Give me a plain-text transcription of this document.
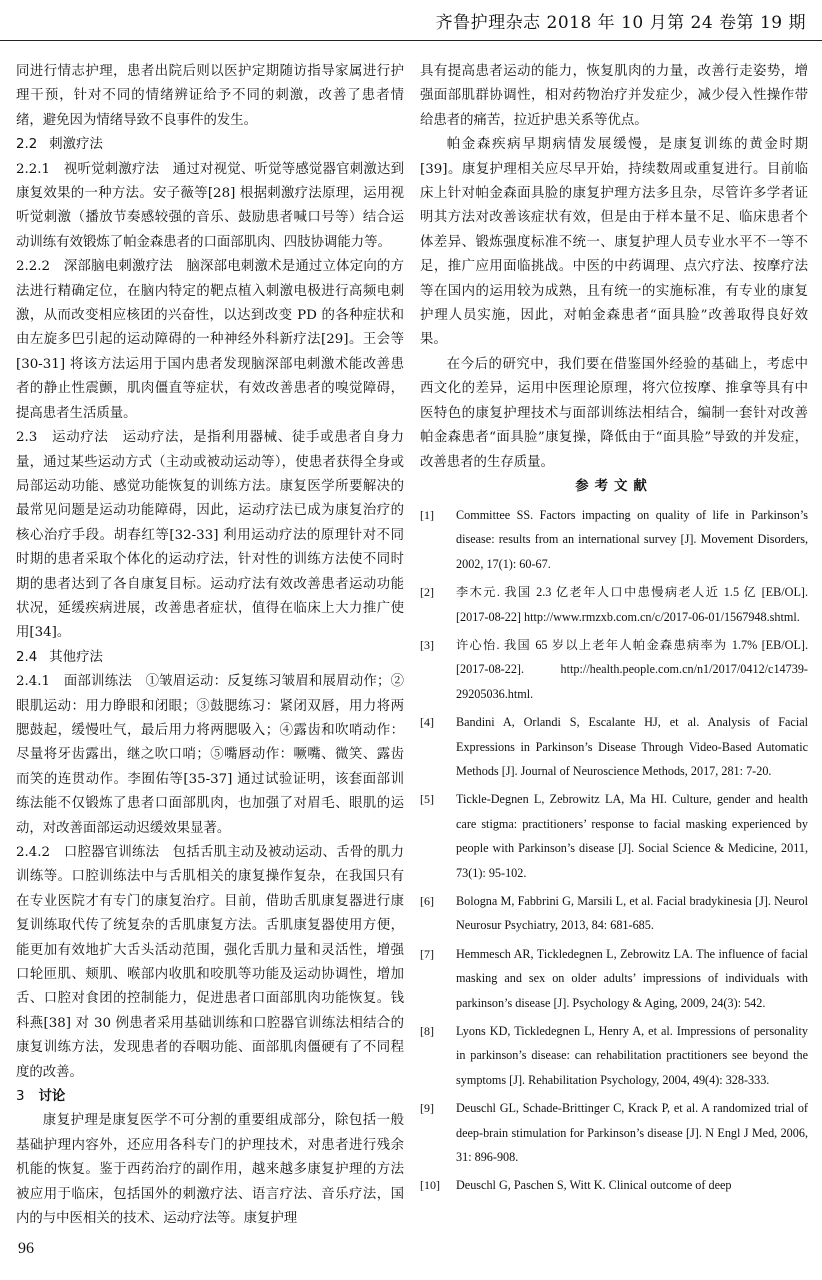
齐鲁护理杂志 2018 年 10 月第 24 卷第 19 期

同进行情志护理，患者出院后则以医护定期随访指导家属进行护理干预，针对不同的情绪辨证给予不同的刺激，改善了患者情绪，避免因为情绪导致不良事件的发生。

2.2 刺激疗法

2.2.1　视听觉刺激疗法　通过对视觉、听觉等感觉器官刺激达到康复效果的一种方法。安子薇等[28] 根据刺激疗法原理，运用视听觉刺激（播放节奏感较强的音乐、鼓励患者喊口号等）结合运动训练有效锻炼了帕金森患者的口面部肌肉、四肢协调能力等。

2.2.2　深部脑电刺激疗法　脑深部电刺激术是通过立体定向的方法进行精确定位，在脑内特定的靶点植入刺激电极进行高频电刺激，从而改变相应核团的兴奋性，以达到改变 PD 的各种症状和由左旋多巴引起的运动障碍的一种神经外科新疗法[29]。王会等[30-31] 将该方法运用于国内患者发现脑深部电刺激术能改善患者的静止性震颤，肌肉僵直等症状，有效改善患者的嗅觉障碍，提高患者生活质量。

2.3　运动疗法　运动疗法，是指利用器械、徒手或患者自身力量，通过某些运动方式（主动或被动运动等），使患者获得全身或局部运动功能、感觉功能恢复的训练方法。康复医学所要解决的最常见问题是运动功能障碍，因此，运动疗法已成为康复治疗的核心治疗手段。胡春红等[32-33] 利用运动疗法的原理针对不同时期的患者采取个体化的运动疗法，针对性的训练方法使不同时期的患者达到了各自康复目标。运动疗法有效改善患者运动功能状况，延缓疾病进展，改善患者症状，值得在临床上大力推广使用[34]。

2.4 其他疗法

2.4.1　面部训练法　①皱眉运动：反复练习皱眉和展眉动作；②眼肌运动：用力睁眼和闭眼；③鼓腮练习：紧闭双唇，用力将两腮鼓起，缓慢吐气，最后用力将两腮吸入；④露齿和吹哨动作：尽量将牙齿露出，继之吹口哨；⑤嘴唇动作：噘嘴、微笑、露齿而笑的连贯动作。李囿佑等[35-37] 通过试验证明，该套面部训练法能不仅锻炼了患者口面部肌肉，也加强了对眉毛、眼肌的运动，对改善面部运动迟缓效果显著。

2.4.2　口腔器官训练法　包括舌肌主动及被动运动、舌骨的肌力训练等。口腔训练法中与舌肌相关的康复操作复杂，在我国只有在专业医院才有专门的康复治疗。目前，借助舌肌康复器进行康复训练取代传了统复杂的舌肌康复方法。舌肌康复器使用方便，能更加有效地扩大舌头活动范围，强化舌肌力量和灵活性，增强口轮匝肌、颊肌、喉部内收肌和咬肌等功能及运动协调性，增加舌、口腔对食团的控制能力，促进患者口面部肌肉功能恢复。钱科燕[38] 对 30 例患者采用基础训练和口腔器官训练法相结合的康复训练方法，发现患者的吞咽功能、面部肌肉僵硬有了不同程度的改善。

3 讨论

康复护理是康复医学不可分割的重要组成部分，除包括一般基础护理内容外，还应用各科专门的护理技术，对患者进行残余机能的恢复。鉴于西药治疗的副作用，越来越多康复护理的方法被应用于临床，包括国外的刺激疗法、语言疗法、音乐疗法，国内的与中医相关的技术、运动疗法等。康复护理

具有提高患者运动的能力，恢复肌肉的力量，改善行走姿势，增强面部肌群协调性，相对药物治疗并发症少，减少侵入性操作带给患者的痛苦，拉近护患关系等优点。

帕金森疾病早期病情发展缓慢，是康复训练的黄金时期[39]。康复护理相关应尽早开始，持续数周或重复进行。目前临床上针对帕金森面具脸的康复护理方法多且杂，尽管许多学者证明其方法对改善该症状有效，但是由于样本量不足、临床患者个体差异、锻炼强度标准不统一、康复护理人员专业水平不一等不足，推广应用面临挑战。中医的中药调理、点穴疗法、按摩疗法等在国内的运用较为成熟，且有统一的实施标准，有专业的康复护理人员实施，因此，对帕金森患者“面具脸”改善取得良好效果。

在今后的研究中，我们要在借鉴国外经验的基础上，考虑中西文化的差异，运用中医理论原理，将穴位按摩、推拿等具有中医特色的康复护理技术与面部训练法相结合，编制一套针对改善帕金森患者“面具脸”康复操，降低由于“面具脸”导致的并发症，改善患者的生存质量。

参考文献

[1]	Committee SS. Factors impacting on quality of life in Parkinson’s disease: results from an international survey [J]. Movement Disorders, 2002, 17(1): 60-67.
[2]	李木元. 我国 2.3 亿老年人口中患慢病老人近 1.5 亿 [EB/OL]. [2017-08-22] http://www.rmzxb.com.cn/c/2017-06-01/1567948.shtml.
[3]	许心怡. 我国 65 岁以上老年人帕金森患病率为 1.7% [EB/OL]. [2017-08-22]. http://health.people.com.cn/n1/2017/0412/c14739-29205036.html.
[4]	Bandini A, Orlandi S, Escalante HJ, et al. Analysis of Facial Expressions in Parkinson’s Disease Through Video-Based Automatic Methods [J]. Journal of Neuroscience Methods, 2017, 281: 7-20.
[5]	Tickle-Degnen L, Zebrowitz LA, Ma HI. Culture, gender and health care stigma: practitioners’ response to facial masking experienced by people with Parkinson’s disease [J]. Social Science & Medicine, 2011, 73(1): 95-102.
[6]	Bologna M, Fabbrini G, Marsili L, et al. Facial bradykinesia [J]. Neurol Neurosur Psychiatry, 2013, 84: 681-685.
[7]	Hemmesch AR, Tickledegnen L, Zebrowitz LA. The influence of facial masking and sex on older adults’ impressions of individuals with parkinson’s disease [J]. Psychology & Aging, 2009, 24(3): 542.
[8]	Lyons KD, Tickledegnen L, Henry A, et al. Impressions of personality in parkinson’s disease: can rehabilitation practitioners see beyond the symptoms [J]. Rehabilitation Psychology, 2004, 49(4): 328-333.
[9]	Deuschl GL, Schade-Brittinger C, Krack P, et al. A randomized trial of deep-brain stimulation for Parkinson’s disease [J]. N Engl J Med, 2006, 31: 896-908.
[10]	Deuschl G, Paschen S, Witt K. Clinical outcome of deep
96
